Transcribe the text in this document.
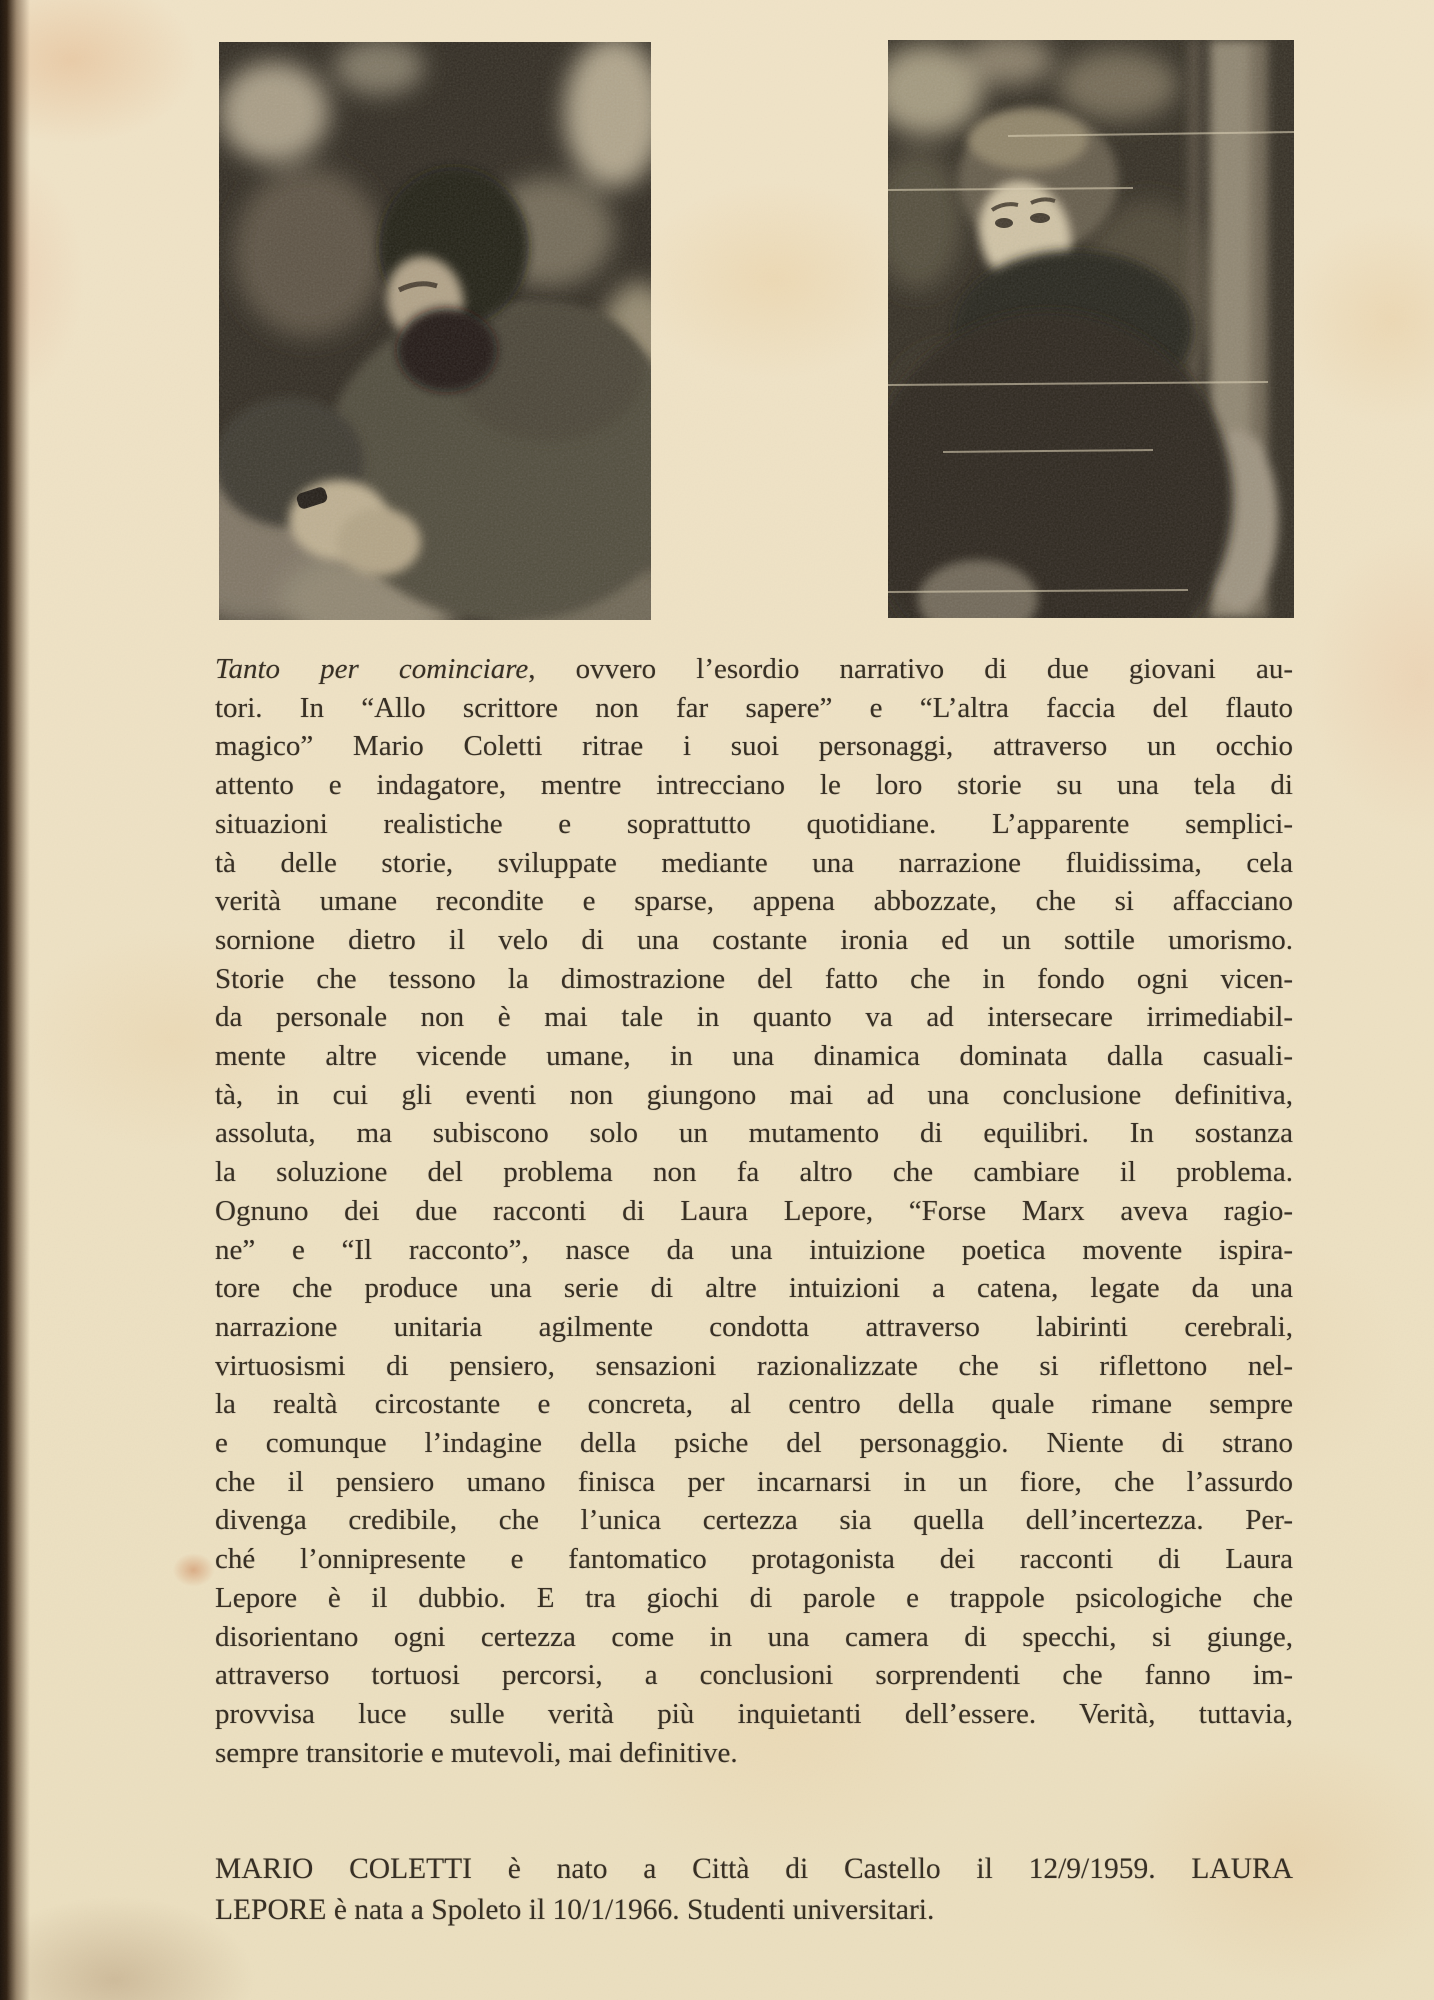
Tanto per cominciare, ovvero l’esordio narrativo di due giovani au-
tori. In “Allo scrittore non far sapere” e “L’altra faccia del flauto
magico” Mario Coletti ritrae i suoi personaggi, attraverso un occhio
attento e indagatore, mentre intrecciano le loro storie su una tela di
situazioni realistiche e soprattutto quotidiane. L’apparente semplici-
tà delle storie, sviluppate mediante una narrazione fluidissima, cela
verità umane recondite e sparse, appena abbozzate, che si affacciano
sornione dietro il velo di una costante ironia ed un sottile umorismo.
Storie che tessono la dimostrazione del fatto che in fondo ogni vicen-
da personale non è mai tale in quanto va ad intersecare irrimediabil-
mente altre vicende umane, in una dinamica dominata dalla casuali-
tà, in cui gli eventi non giungono mai ad una conclusione definitiva,
assoluta, ma subiscono solo un mutamento di equilibri. In sostanza
la soluzione del problema non fa altro che cambiare il problema.
Ognuno dei due racconti di Laura Lepore, “Forse Marx aveva ragio-
ne” e “Il racconto”, nasce da una intuizione poetica movente ispira-
tore che produce una serie di altre intuizioni a catena, legate da una
narrazione unitaria agilmente condotta attraverso labirinti cerebrali,
virtuosismi di pensiero, sensazioni razionalizzate che si riflettono nel-
la realtà circostante e concreta, al centro della quale rimane sempre
e comunque l’indagine della psiche del personaggio. Niente di strano
che il pensiero umano finisca per incarnarsi in un fiore, che l’assurdo
divenga credibile, che l’unica certezza sia quella dell’incertezza. Per-
ché l’onnipresente e fantomatico protagonista dei racconti di Laura
Lepore è il dubbio. E tra giochi di parole e trappole psicologiche che
disorientano ogni certezza come in una camera di specchi, si giunge,
attraverso tortuosi percorsi, a conclusioni sorprendenti che fanno im-
provvisa luce sulle verità più inquietanti dell’essere. Verità, tuttavia,
sempre transitorie e mutevoli, mai definitive.
MARIO COLETTI è nato a Città di Castello il 12/9/1959. LAURA
LEPORE è nata a Spoleto il 10/1/1966. Studenti universitari.
